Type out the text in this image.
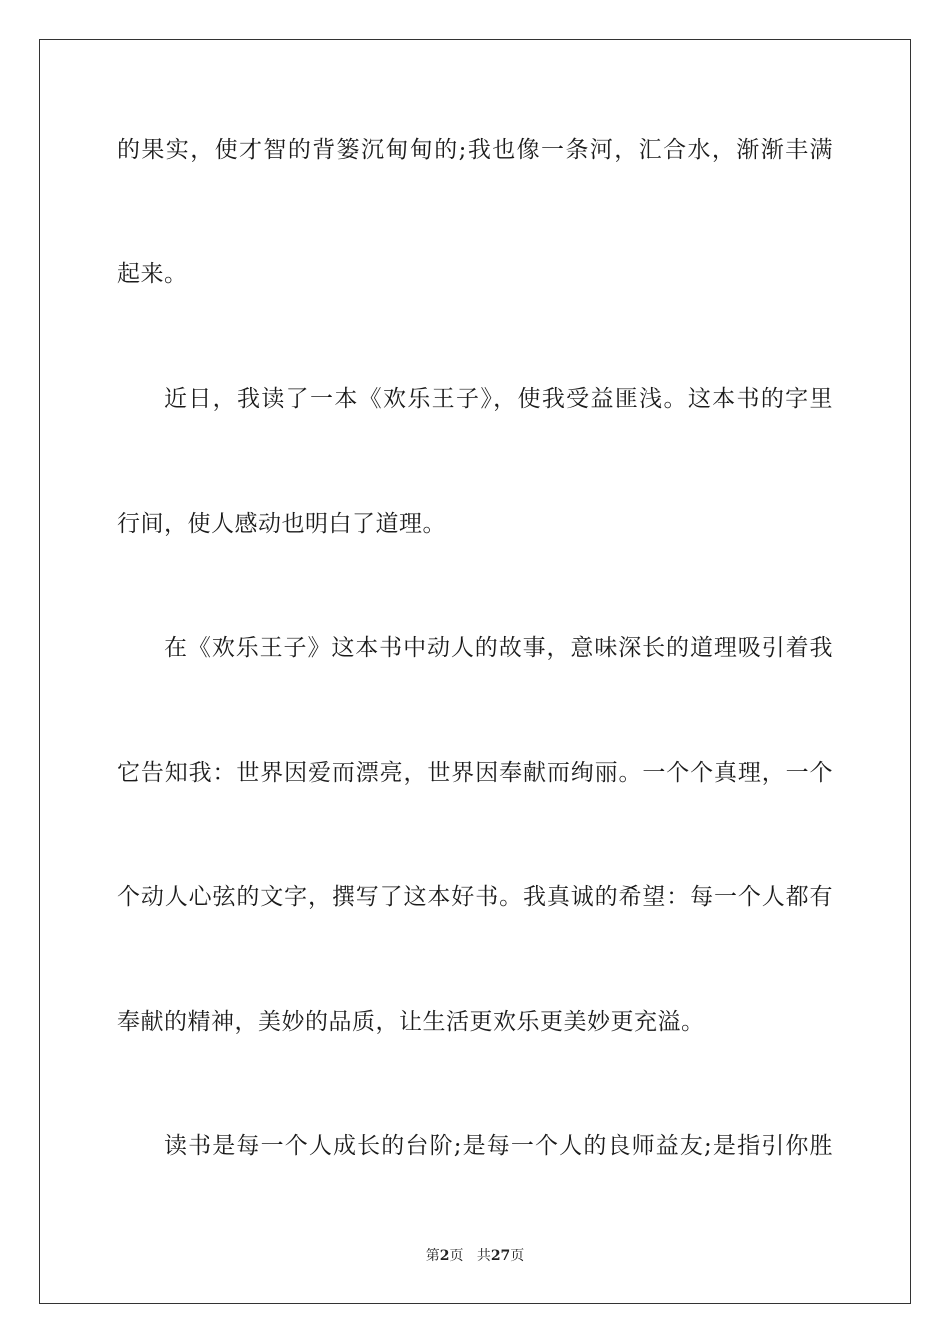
的果实，使才智的背篓沉甸甸的;我也像一条河，汇合水，渐渐丰满
起来。
近日，我读了一本《欢乐王子》，使我受益匪浅。这本书的字里
行间，使人感动也明白了道理。
在《欢乐王子》这本书中动人的故事，意味深长的道理吸引着我
它告知我：世界因爱而漂亮，世界因奉献而绚丽。一个个真理，一个
个动人心弦的文字，撰写了这本好书。我真诚的希望：每一个人都有
奉献的精神，美妙的品质，让生活更欢乐更美妙更充溢。
读书是每一个人成长的台阶;是每一个人的良师益友;是指引你胜
第2页 共27页
